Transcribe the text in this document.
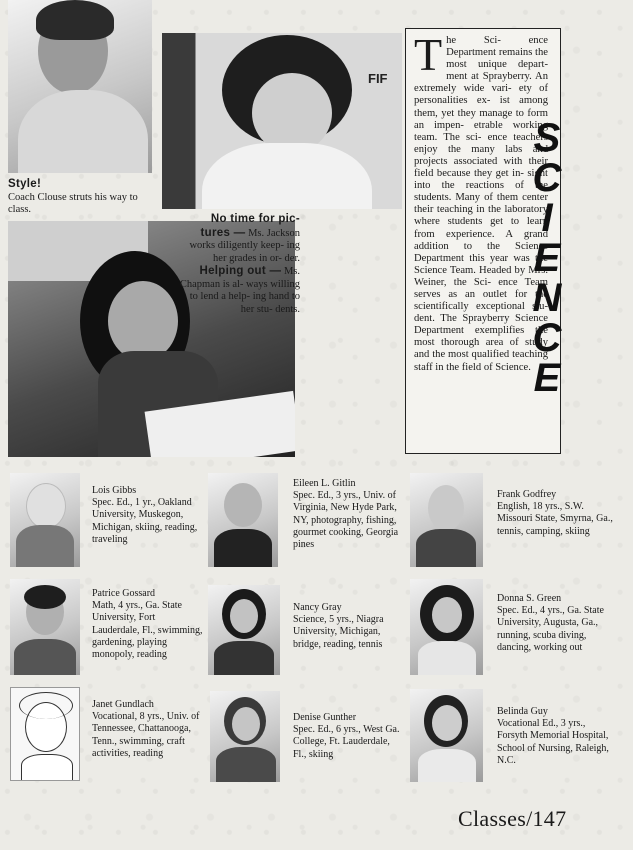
Style!
Coach Clouse struts his way to class.
FIF
No time for pic-
tures — Ms. Jackson works diligently keep- ing her grades in or- der.
Helping out — Ms. Chapman is al- ways willing to lend a help- ing hand to her stu- dents.
The Sci- ence Department remains the most unique depart- ment at Sprayberry. An extremely wide vari- ety of personalities ex- ist among them, yet they manage to form an impen- etrable working team. The sci- ence teachers enjoy the many labs and projects associated with their field because they get in- sight into the reactions of the students. Many of them center their teaching in the laboratory where students get to learn from experience. A grand addition to the Science Department this year was the Science Team. Headed by Mrs. Weiner, the Sci- ence Team serves as an outlet for the scientifically exceptional stu- dent. The Sprayberry Science Department exemplifies the most thorough area of study and the most qualified teaching staff in the field of Science.
S
C
I
E
N
C
E
Lois Gibbs
Spec. Ed., 1 yr., Oakland University, Muskegon, Michigan, skiing, reading, traveling
Eileen L. Gitlin
Spec. Ed., 3 yrs., Univ. of Virginia, New Hyde Park, NY, photography, fishing, gourmet cooking, Georgia pines
Frank Godfrey
English, 18 yrs., S.W. Missouri State, Smyrna, Ga., tennis, camping, skiing
Patrice Gossard
Math, 4 yrs., Ga. State University, Fort Lauderdale, Fl., swimming, gardening, playing monopoly, reading
Nancy Gray
Science, 5 yrs., Niagra University, Michigan, bridge, reading, tennis
Donna S. Green
Spec. Ed., 4 yrs., Ga. State University, Augusta, Ga., running, scuba diving, dancing, working out
Janet Gundlach
Vocational, 8 yrs., Univ. of Tennessee, Chattanooga, Tenn., swimming, craft activities, reading
Denise Gunther
Spec. Ed., 6 yrs., West Ga. College, Ft. Lauderdale, Fl., skiing
Belinda Guy
Vocational Ed., 3 yrs., Forsyth Memorial Hospital, School of Nursing, Raleigh, N.C.
Classes/147
